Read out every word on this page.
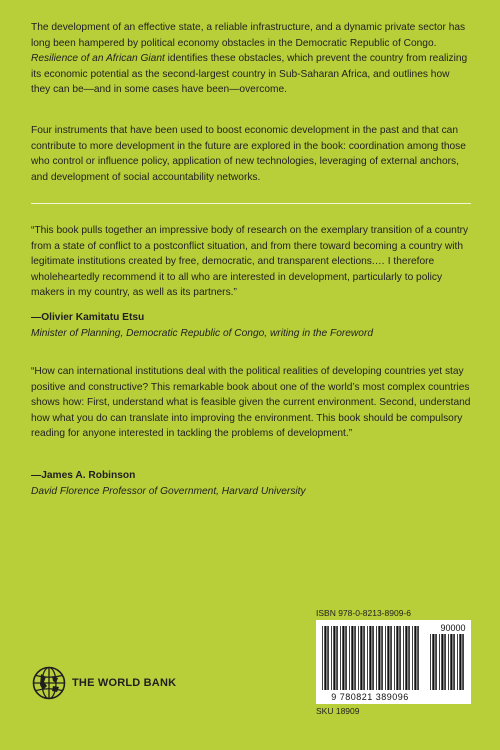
The development of an effective state, a reliable infrastructure, and a dynamic private sector has long been hampered by political economy obstacles in the Democratic Republic of Congo. Resilience of an African Giant identifies these obstacles, which prevent the country from realizing its economic potential as the second-largest country in Sub-Saharan Africa, and outlines how they can be—and in some cases have been—overcome.

Four instruments that have been used to boost economic development in the past and that can contribute to more development in the future are explored in the book: coordination among those who control or influence policy, application of new technologies, leveraging of external anchors, and development of social accountability networks.

“This book pulls together an impressive body of research on the exemplary transition of a country from a state of conflict to a postconflict situation, and from there toward becoming a country with legitimate institutions created by free, democratic, and transparent elections.… I therefore wholeheartedly recommend it to all who are interested in development, particularly to policy makers in my country, as well as its partners.”

—Olivier Kamitatu Etsu
Minister of Planning, Democratic Republic of Congo, writing in the Foreword

“How can international institutions deal with the political realities of developing countries yet stay positive and constructive? This remarkable book about one of the world’s most complex countries shows how: First, understand what is feasible given the current environment. Second, understand how what you do can translate into improving the environment. This book should be compulsory reading for anyone interested in tackling the problems of development.”

—James A. Robinson
David Florence Professor of Government, Harvard University
ISBN 978-0-8213-8909-6
90000
9 780821 389096
SKU 18909
THE WORLD BANK
